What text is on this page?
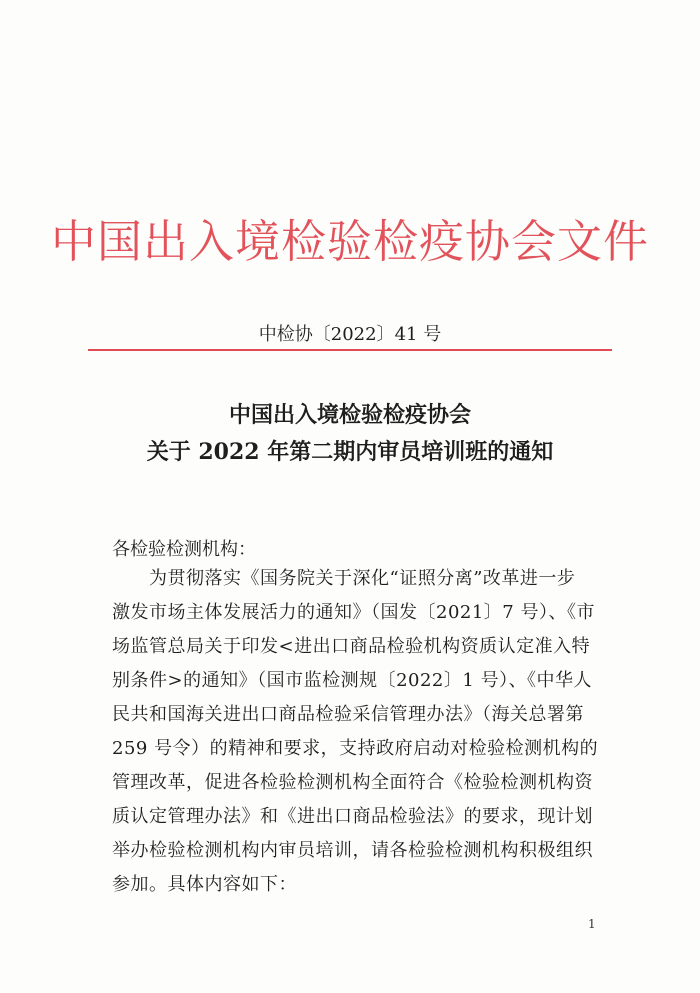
中国出入境检验检疫协会文件
中检协〔2022〕41 号
中国出入境检验检疫协会
关于 2022 年第二期内审员培训班的通知
各检验检测机构：
　　为贯彻落实《国务院关于深化“证照分离”改革进一步
激发市场主体发展活力的通知》（国发〔2021〕7 号）、《市
场监管总局关于印发<进出口商品检验机构资质认定准入特
别条件>的通知》（国市监检测规〔2022〕1 号）、《中华人
民共和国海关进出口商品检验采信管理办法》（海关总署第
259 号令）的精神和要求，支持政府启动对检验检测机构的
管理改革，促进各检验检测机构全面符合《检验检测机构资
质认定管理办法》和《进出口商品检验法》的要求，现计划
举办检验检测机构内审员培训，请各检验检测机构积极组织
参加。具体内容如下：
1
